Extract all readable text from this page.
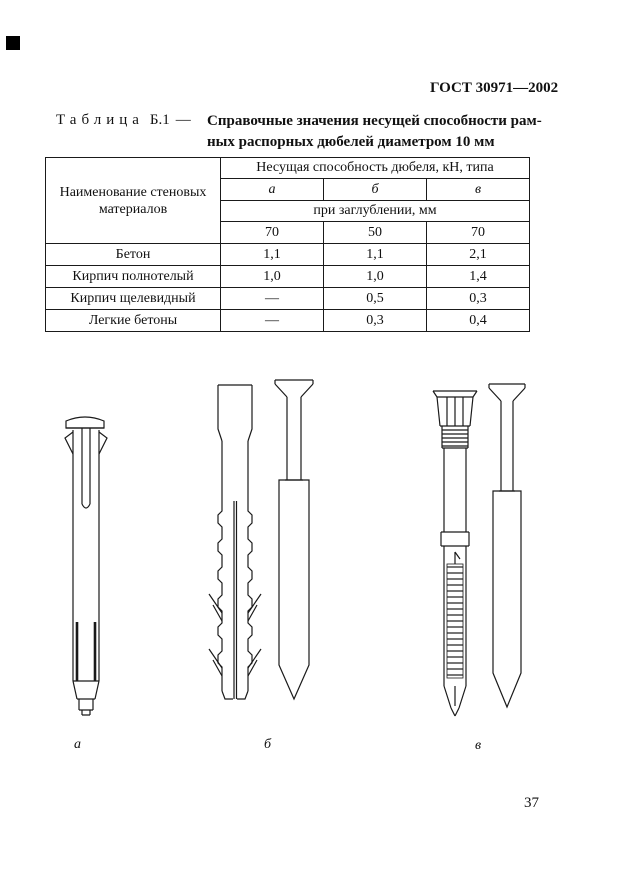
ГОСТ 30971—2002
Таблица Б.1 — Справочные значения несущей способности рам-
ных распорных дюбелей диаметром 10 мм
Наименование стеновых материалов	Несущая способность дюбеля, кН, типа		
	а	б	в
	при заглублении, мм		
	70	50	70
Бетон	1,1	1,1	2,1
Кирпич полнотелый	1,0	1,0	1,4
Кирпич щелевидный	—	0,5	0,3
Легкие бетоны	—	0,3	0,4
а	б	в
37
